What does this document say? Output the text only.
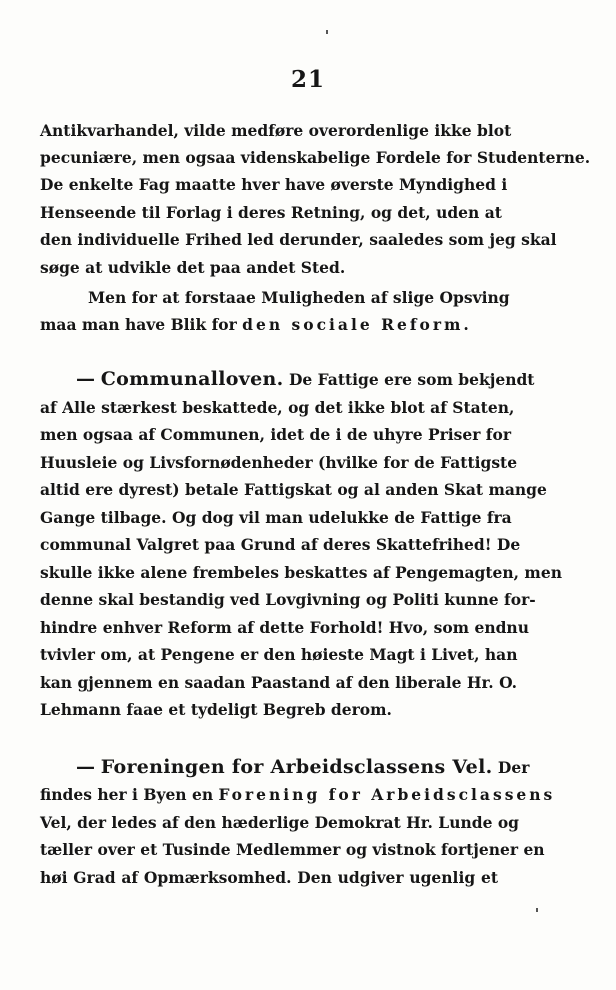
21
Antikvarhandel, vilde medføre overordenlige ikke blot
pecuniære, men ogsaa videnskabelige Fordele for Studenterne.
De enkelte Fag maatte hver have øverste Myndighed i
Henseende til Forlag i deres Retning, og det, uden at
den individuelle Frihed led derunder, saaledes som jeg skal
søge at udvikle det paa andet Sted.
Men for at forstaae Muligheden af slige Opsving
maa man have Blik for den sociale Reform.
— Communalloven. De Fattige ere som bekjendt
af Alle stærkest beskattede, og det ikke blot af Staten,
men ogsaa af Communen, idet de i de uhyre Priser for
Huusleie og Livsfornødenheder (hvilke for de Fattigste
altid ere dyrest) betale Fattigskat og al anden Skat mange
Gange tilbage. Og dog vil man udelukke de Fattige fra
communal Valgret paa Grund af deres Skattefrihed! De
skulle ikke alene frembeles beskattes af Pengemagten, men
denne skal bestandig ved Lovgivning og Politi kunne for-
hindre enhver Reform af dette Forhold! Hvo, som endnu
tvivler om, at Pengene er den høieste Magt i Livet, han
kan gjennem en saadan Paastand af den liberale Hr. O.
Lehmann faae et tydeligt Begreb derom.
— Foreningen for Arbeidsclassens Vel. Der
findes her i Byen en Forening for Arbeidsclassens
Vel, der ledes af den hæderlige Demokrat Hr. Lunde og
tæller over et Tusinde Medlemmer og vistnok fortjener en
høi Grad af Opmærksomhed. Den udgiver ugenlig et
